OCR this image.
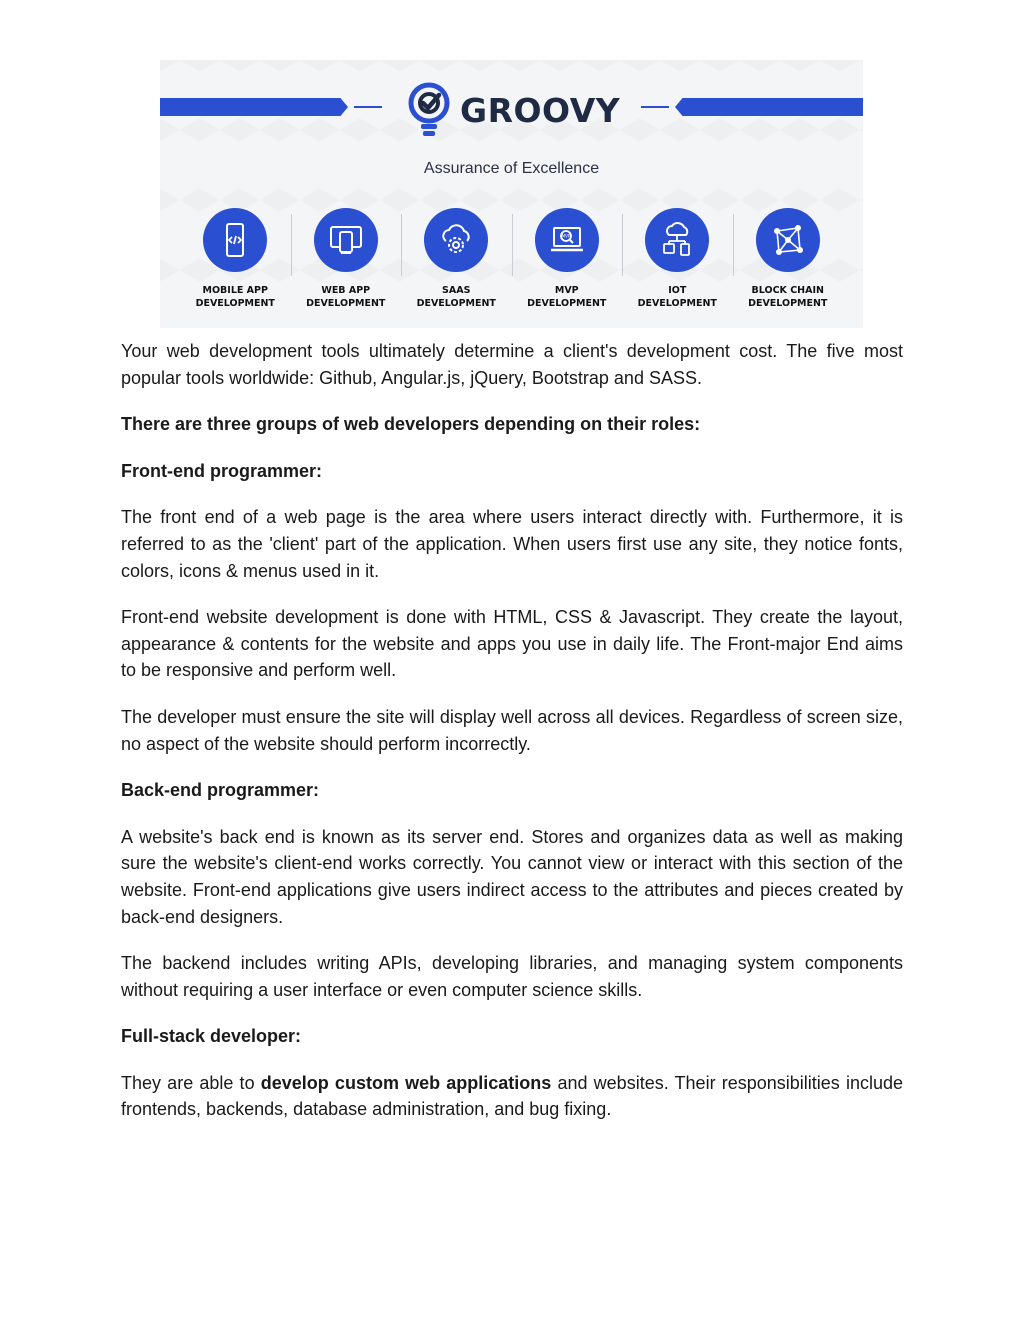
GROOVY
Assurance of Excellence
MOBILE APP
DEVELOPMENT
WEB APP
DEVELOPMENT
SAAS
DEVELOPMENT
MVP
MVP
DEVELOPMENT
IOT
DEVELOPMENT
BLOCK CHAIN
DEVELOPMENT

Your web development tools ultimately determine a client's development cost. The five most popular tools worldwide: Github, Angular.js, jQuery, Bootstrap and SASS.

There are three groups of web developers depending on their roles:

Front-end programmer:

The front end of a web page is the area where users interact directly with. Furthermore, it is referred to as the 'client' part of the application. When users first use any site, they notice fonts, colors, icons & menus used in it.

Front-end website development is done with HTML, CSS & Javascript. They create the layout, appearance & contents for the website and apps you use in daily life. The Front-major End aims to be responsive and perform well.

The developer must ensure the site will display well across all devices. Regardless of screen size, no aspect of the website should perform incorrectly.

Back-end programmer:

A website's back end is known as its server end. Stores and organizes data as well as making sure the website's client-end works correctly. You cannot view or interact with this section of the website. Front-end applications give users indirect access to the attributes and pieces created by back-end designers.

The backend includes writing APIs, developing libraries, and managing system components without requiring a user interface or even computer science skills.

Full-stack developer:

They are able to develop custom web applications and websites. Their responsibilities include frontends, backends, database administration, and bug fixing.
